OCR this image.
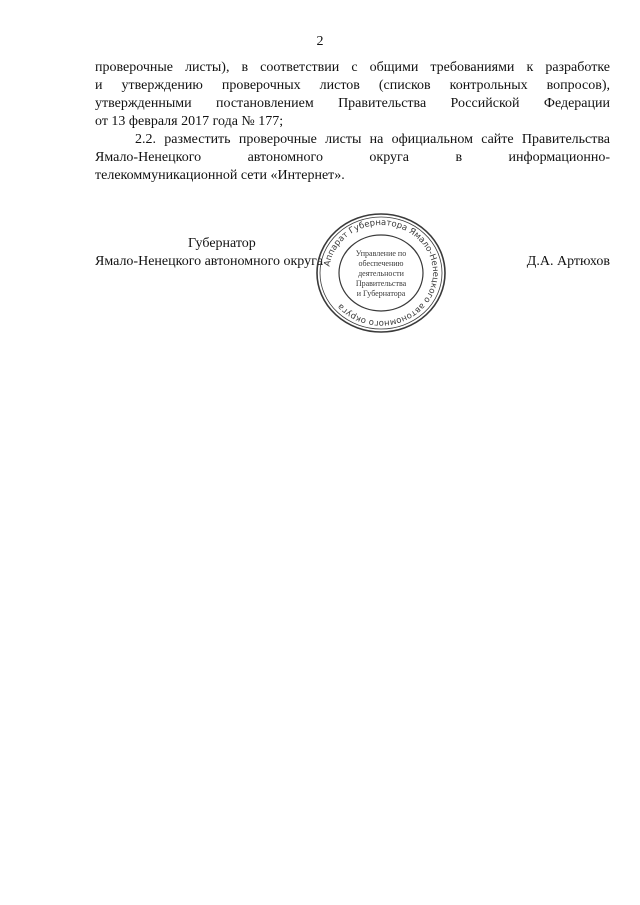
2
проверочные листы), в соответствии с общими требованиями к разработке
и утверждению проверочных листов (списков контрольных вопросов),
утвержденными постановлением Правительства Российской Федерации
от 13 февраля 2017 года № 177;
2.2. разместить проверочные листы на официальном сайте Правительства
Ямало-Ненецкого автономного округа в информационно-
телекоммуникационной сети «Интернет».
Губернатор
Ямало-Ненецкого автономного округа	Д.А. Артюхов
Аппарат Губернатора Ямало-Ненецкого автономного округа
Управление по
обеспечению
деятельности
Правительства
и Губернатора
